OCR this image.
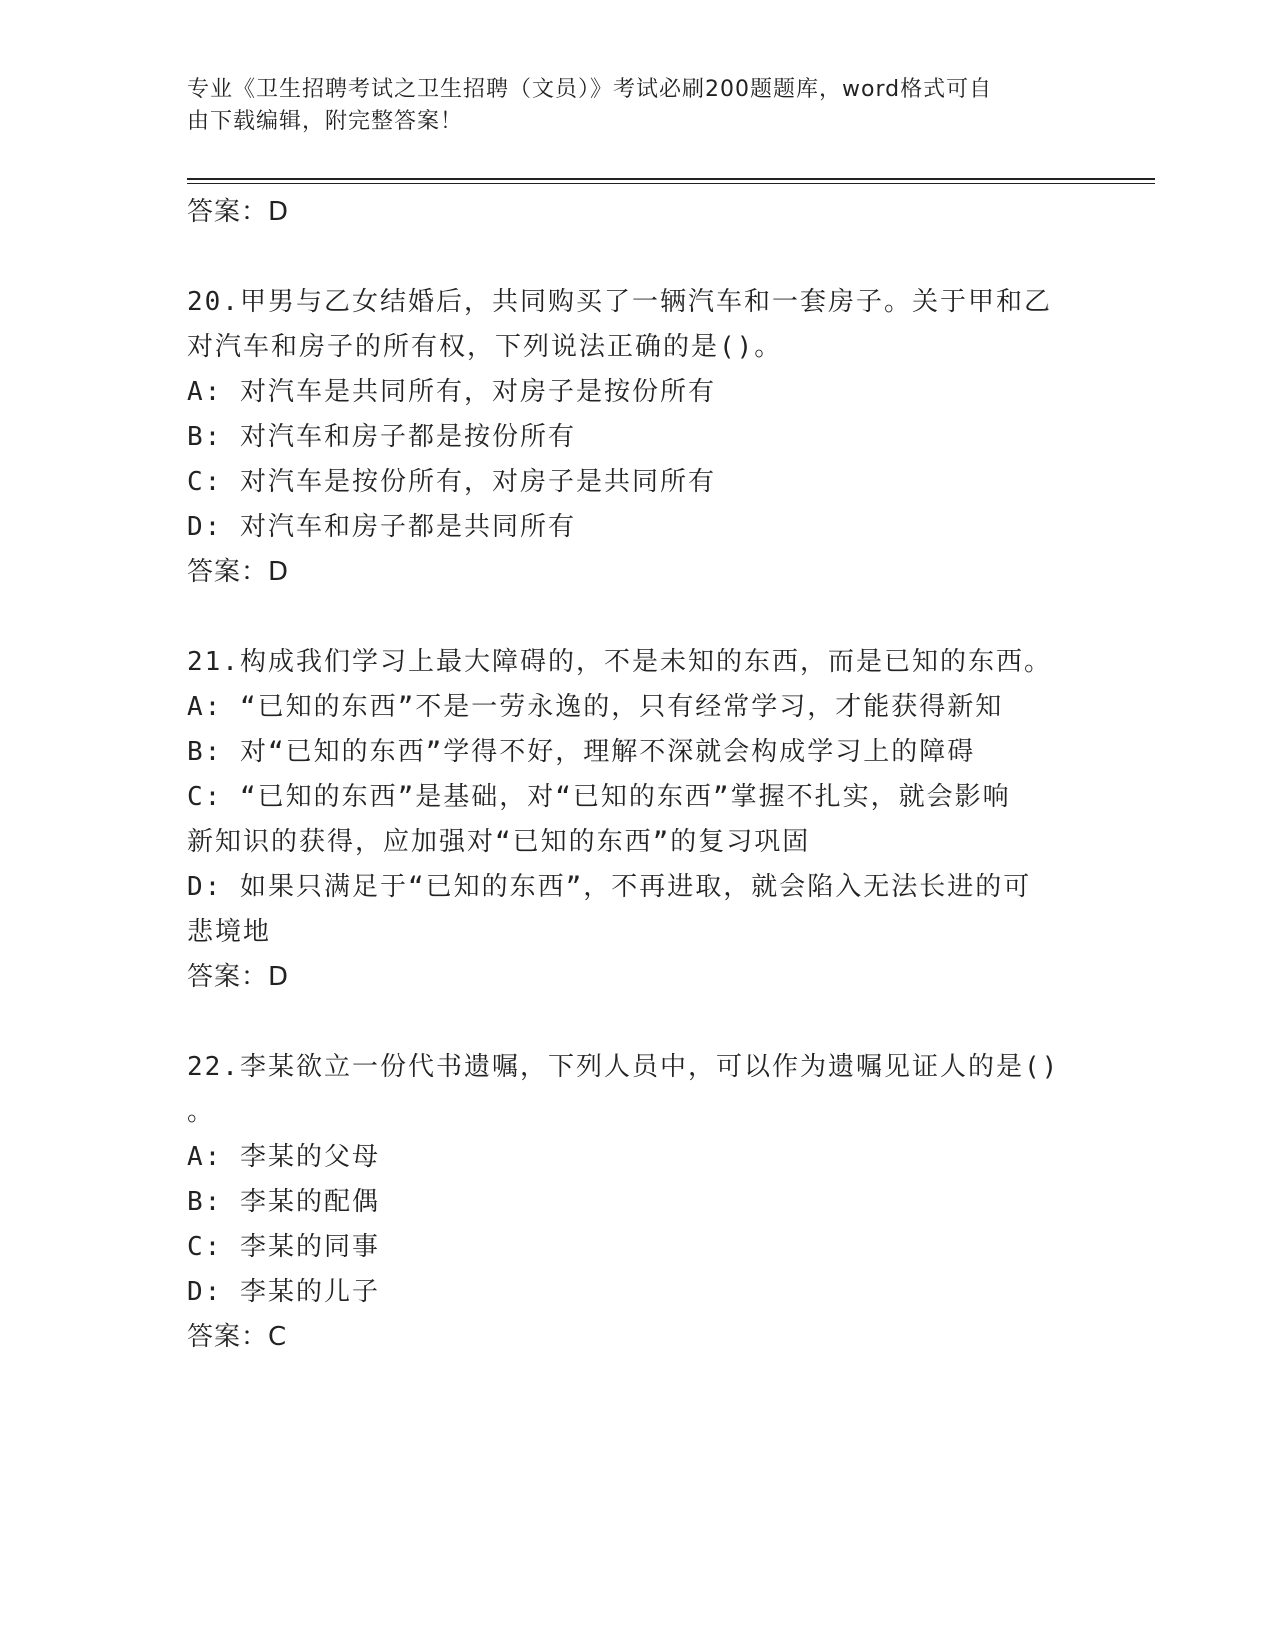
专业《卫生招聘考试之卫生招聘（文员）》考试必刷200题题库，word格式可自
由下载编辑，附完整答案！
答案：D
20.甲男与乙女结婚后，共同购买了一辆汽车和一套房子。关于甲和乙
对汽车和房子的所有权，下列说法正确的是()。
A: 对汽车是共同所有，对房子是按份所有
B: 对汽车和房子都是按份所有
C: 对汽车是按份所有，对房子是共同所有
D: 对汽车和房子都是共同所有
答案：D
21.构成我们学习上最大障碍的，不是未知的东西，而是已知的东西。
A: “已知的东西”不是一劳永逸的，只有经常学习，才能获得新知
B: 对“已知的东西”学得不好，理解不深就会构成学习上的障碍
C: “已知的东西”是基础，对“已知的东西”掌握不扎实，就会影响
新知识的获得，应加强对“已知的东西”的复习巩固
D: 如果只满足于“已知的东西”，不再进取，就会陷入无法长进的可
悲境地
答案：D
22.李某欲立一份代书遗嘱，下列人员中，可以作为遗嘱见证人的是()
。
A: 李某的父母
B: 李某的配偶
C: 李某的同事
D: 李某的儿子
答案：C
